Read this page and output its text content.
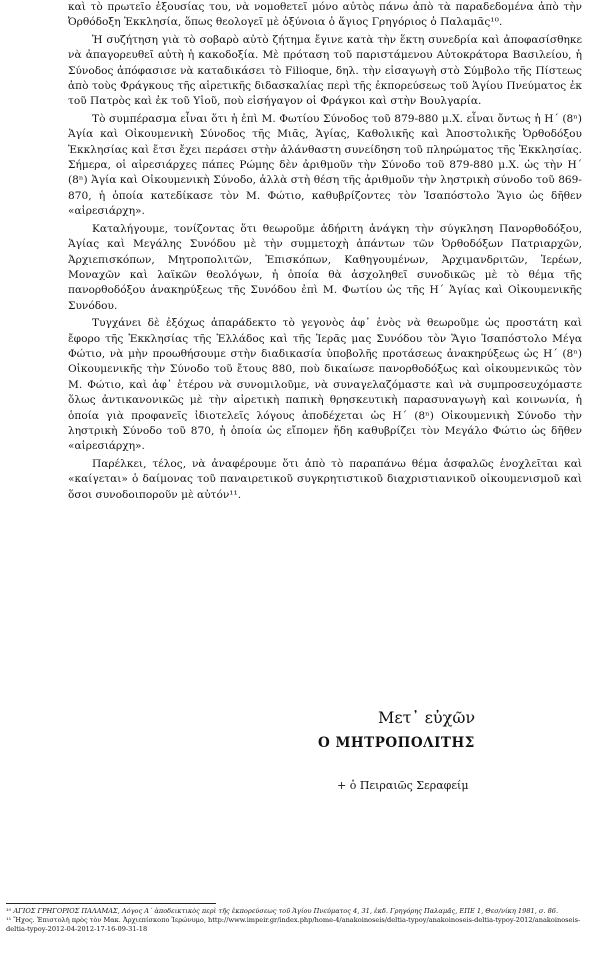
καὶ τὸ πρωτεῖο ἐξουσίας του, νὰ νομοθετεῖ μόνο αὐτὸς πάνω ἀπὸ τὰ παραδεδομένα ἀπὸ τὴν Ὀρθόδοξη Ἐκκλησία, ὅπως θεολογεῖ μὲ ὀξύνοια ὁ ἅγιος Γρηγόριος ὁ Παλαμᾶς¹⁰.

Ἡ συζήτηση γιὰ τὸ σοβαρὸ αὐτὸ ζήτημα ἔγινε κατὰ τὴν ἕκτη συνεδρία καὶ ἀποφασίσθηκε νὰ ἀπαγορευθεῖ αὐτὴ ἡ κακοδοξία. Μὲ πρόταση τοῦ παριστάμενου Αὐτοκράτορα Βασιλείου, ἡ Σύνοδος ἀπόφασισε νὰ καταδικάσει τὸ Filioque, δηλ. τὴν εἰσαγωγὴ στὸ Σύμβολο τῆς Πίστεως ἀπὸ τοὺς Φράγκους τῆς αἱρετικῆς διδασκαλίας περὶ τῆς ἐκπορεύσεως τοῦ Ἁγίου Πνεύματος ἐκ τοῦ Πατρὸς καὶ ἐκ τοῦ Υἱοῦ, ποὺ εἰσήγαγον οἱ Φράγκοι καὶ στὴν Βουλγαρία.

Τὸ συμπέρασμα εἶναι ὅτι ἡ ἐπὶ Μ. Φωτίου Σύνοδος τοῦ 879-880 μ.Χ. εἶναι ὄντως ἡ Η΄ (8ⁿ) Ἁγία καὶ Οἰκουμενικὴ Σύνοδος τῆς Μιᾶς, Ἁγίας, Καθολικῆς καὶ Ἀποστολικῆς Ὀρθοδόξου Ἐκκλησίας καὶ ἔτσι ἔχει περάσει στὴν ἀλάνθαστη συνείδηση τοῦ πληρώματος τῆς Ἐκκλησίας. Σήμερα, οἱ αἱρεσιάρχες πάπες Ρώμης δὲν ἀριθμοῦν τὴν Σύνοδο τοῦ 879-880 μ.Χ. ὡς τὴν Η΄ (8ⁿ) Ἁγία καὶ Οἰκουμενικὴ Σύνοδο, ἀλλὰ στὴ θέση τῆς ἀριθμοῦν τὴν ληστρικὴ σύνοδο τοῦ 869-870, ἡ ὁποία κατεδίκασε τὸν Μ. Φώτιο, καθυβρίζοντες τὸν Ἰσαπόστολο Ἅγιο ὡς δῆθεν «αἱρεσιάρχη».

Καταλήγουμε, τονίζοντας ὅτι θεωροῦμε ἀδήριτη ἀνάγκη τὴν σύγκληση Πανορθοδόξου, Ἁγίας καὶ Μεγάλης Συνόδου μὲ τὴν συμμετοχὴ ἁπάντων τῶν Ὀρθοδόξων Πατριαρχῶν, Ἀρχιεπισκόπων, Μητροπολιτῶν, Ἐπισκόπων, Καθηγουμένων, Ἀρχιμανδριτῶν, Ἱερέων, Μοναχῶν καὶ λαϊκῶν θεολόγων, ἡ ὁποία θὰ ἀσχοληθεῖ συνοδικῶς μὲ τὸ θέμα τῆς πανορθοδόξου ἀνακηρύξεως τῆς Συνόδου ἐπὶ Μ. Φωτίου ὡς τῆς Η΄ Ἁγίας καὶ Οἰκουμενικῆς Συνόδου.

Τυγχάνει δὲ ἐξόχως ἀπαράδεκτο τὸ γεγονὸς ἀφ᾽ ἑνὸς νὰ θεωροῦμε ὡς προστάτη καὶ ἔφορο τῆς Ἐκκλησίας τῆς Ἑλλάδος καὶ τῆς Ἱερᾶς μας Συνόδου τὸν Ἅγιο Ἰσαπόστολο Μέγα Φώτιο, νὰ μὴν προωθήσουμε στὴν διαδικασία ὑποβολῆς προτάσεως ἀνακηρύξεως ὡς Η΄ (8ⁿ) Οἰκουμενικῆς τὴν Σύνοδο τοῦ ἔτους 880, ποὺ δικαίωσε πανορθοδόξως καὶ οἰκουμενικῶς τὸν Μ. Φώτιο, καὶ ἀφ᾽ ἑτέρου νὰ συνομιλοῦμε, νὰ συναγελαζόμαστε καὶ νὰ συμπροσευχόμαστε ὅλως ἀντικανονικῶς μὲ τὴν αἱρετικὴ παπικὴ θρησκευτικὴ παρασυναγωγὴ καὶ κοινωνία, ἡ ὁποία γιὰ προφανεῖς ἰδιοτελεῖς λόγους ἀποδέχεται ὡς Η΄ (8ⁿ) Οἰκουμενικὴ Σύνοδο τὴν ληστρικὴ Σύνοδο τοῦ 870, ἡ ὁποία ὡς εἴπομεν ἤδη καθυβρίζει τὸν Μεγάλο Φώτιο ὡς δῆθεν «αἱρεσιάρχη».

Παρέλκει, τέλος, νὰ ἀναφέρουμε ὅτι ἀπὸ τὸ παραπάνω θέμα ἀσφαλῶς ἐνοχλεῖται καὶ «καίγεται» ὁ δαίμονας τοῦ παναιρετικοῦ συγκρητιστικοῦ διαχριστιανικοῦ οἰκουμενισμοῦ καὶ ὅσοι συνοδοιποροῦν μὲ αὐτόν¹¹.

Μετ᾽ εὐχῶν
Ο ΜΗΤΡΟΠΟΛΙΤΗΣ
+ ὁ Πειραιῶς Σεραφείμ

¹⁰ ΑΓΙΟΣ ΓΡΗΓΟΡΙΟΣ ΠΑΛΑΜΑΣ, Λόγος Α΄ ἀποδεικτικὸς περὶ τῆς ἐκπορεύσεως τοῦ Ἁγίου Πνεύματος 4, 31, ἐκδ. Γρηγόρης Παλαμᾶς, ΕΠΕ 1, Θεσ/νίκη 1981, σ. 86.

¹¹ Ἤχος. Ἐπιστολὴ πρὸς τὸν Μακ. Ἀρχιεπίσκοπο Ἱερώνυμο, http://www.impeir.gr/index.php/home-4/anakoinoseis/deltia-typoy/anakoinoseis-deltia-typoy-2012/anakoinoseis-deltia-typoy-2012-04-2012-17-16-09-31-18
